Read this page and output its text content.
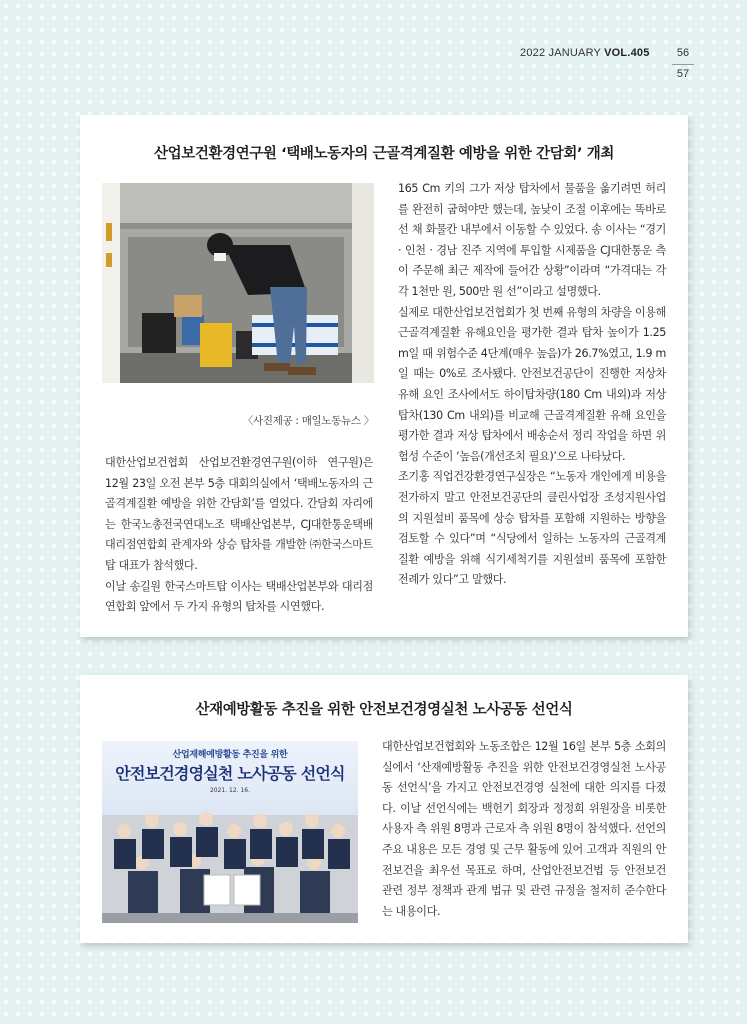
2022 JANUARY VOL.405	56
57
산업보건환경연구원 ‘택배노동자의 근골격계질환 예방을 위한 간담회’ 개최
〈사진제공 : 매일노동뉴스 〉

대한산업보건협회 산업보건환경연구원(이하 연구원)은 12월 23일 오전 본부 5층 대회의실에서 ‘택배노동자의 근골격계질환 예방을 위한 간담회’를 열었다. 간담회 자리에는 한국노총전국연대노조 택배산업본부, CJ대한통운택배대리점연합회 관계자와 상승 탑차를 개발한 ㈜한국스마트탑 대표가 참석했다.

이날 송길원 한국스마트탑 이사는 택배산업본부와 대리점연합회 앞에서 두 가지 유형의 탑차를 시연했다.

165 Cm 키의 그가 저상 탑차에서 물품을 옮기려면 허리를 완전히 굽혀야만 했는데, 높낮이 조절 이후에는 똑바로 선 채 화물칸 내부에서 이동할 수 있었다. 송 이사는 “경기 · 인천 · 경남 진주 지역에 투입할 시제품을 CJ대한통운 측이 주문해 최근 제작에 들어간 상황”이라며 “가격대는 각각 1천만 원, 500만 원 선”이라고 설명했다.

실제로 대한산업보건협회가 첫 번째 유형의 차량을 이용해 근골격계질환 유해요인을 평가한 결과 탑차 높이가 1.25 m일 때 위험수준 4단계(매우 높음)가 26.7%였고, 1.9 m일 때는 0%로 조사됐다. 안전보건공단이 진행한 저상차 유해 요인 조사에서도 하이탑차량(180 Cm 내외)과 저상 탑차(130 Cm 내외)를 비교해 근골격계질환 유해 요인을 평가한 결과 저상 탑차에서 배송순서 정리 작업을 하면 위험성 수준이 ‘높음(개선조치 필요)’으로 나타났다.

조기홍 직업건강환경연구실장은 “노동자 개인에게 비용을 전가하지 말고 안전보건공단의 클린사업장 조성지원사업의 지원설비 품목에 상승 탑차를 포함해 지원하는 방향을 검토할 수 있다”며 “식당에서 일하는 노동자의 근골격계질환 예방을 위해 식기세척기를 지원설비 품목에 포함한 전례가 있다”고 말했다.

산재예방활동 추진을 위한 안전보건경영실천 노사공동 선언식
산업재해예방활동 추진을 위한
안전보건경영실천 노사공동 선언식
2021. 12. 16.

대한산업보건협회와 노동조합은 12월 16일 본부 5층 소회의실에서 ‘산재예방활동 추진을 위한 안전보건경영실천 노사공동 선언식’을 가지고 안전보건경영 실천에 대한 의지를 다졌다. 이날 선언식에는 백헌기 회장과 정정희 위원장을 비롯한 사용자 측 위원 8명과 근로자 측 위원 8명이 참석했다. 선언의 주요 내용은 모든 경영 및 근무 활동에 있어 고객과 직원의 안전보건을 최우선 목표로 하며, 산업안전보건법 등 안전보건 관련 정부 정책과 관계 법규 및 관련 규정을 철저히 준수한다는 내용이다.
